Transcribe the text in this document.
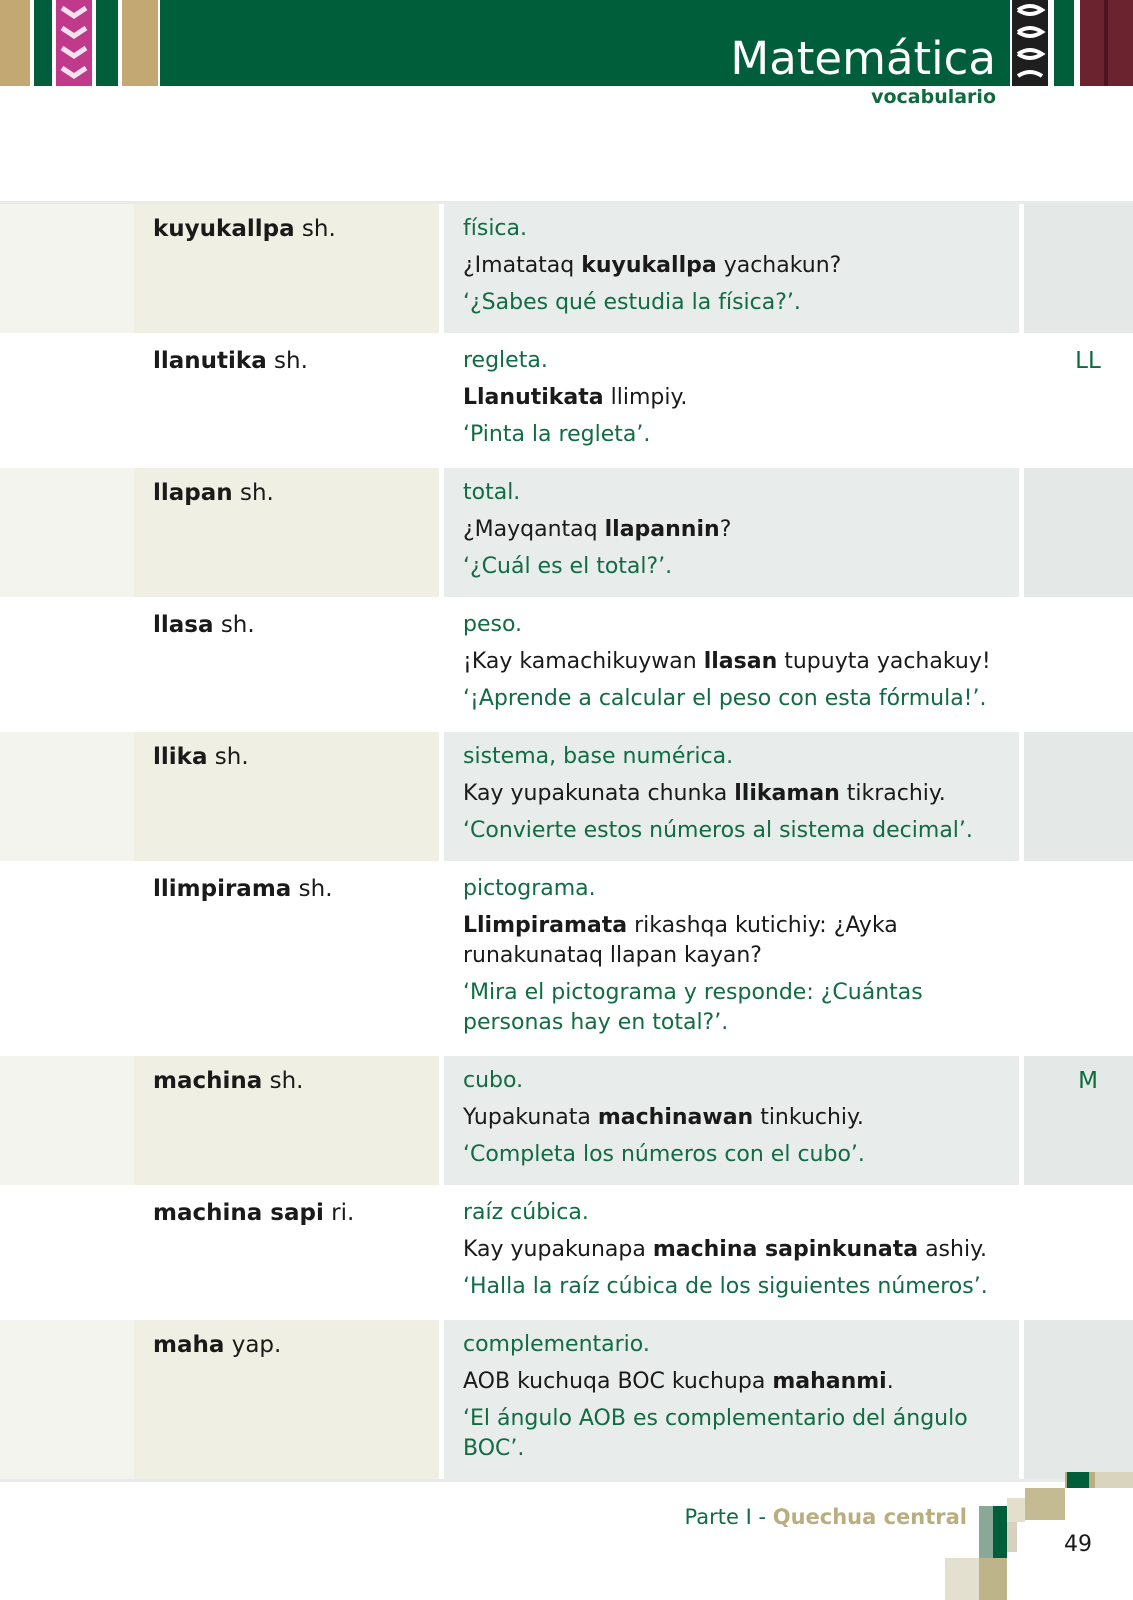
Matemática
vocabulario
kuyukallpa sh.	física.
¿Imatataq kuyukallpa yachakun?
‘¿Sabes qué estudia la física?’.
llanutika sh.	regleta.
Llanutikata llimpiy.
‘Pinta la regleta’.
LL
llapan sh.	total.
¿Mayqantaq llapannin?
‘¿Cuál es el total?’.
llasa sh.	peso.
¡Kay kamachikuywan llasan tupuyta yachakuy!
‘¡Aprende a calcular el peso con esta fórmula!’.
llika sh.	sistema, base numérica.
Kay yupakunata chunka llikaman tikrachiy.
‘Convierte estos números al sistema decimal’.
llimpirama sh.	pictograma.
Llimpiramata rikashqa kutichiy: ¿Ayka runakunataq llapan kayan?
‘Mira el pictograma y responde: ¿Cuántas personas hay en total?’.
machina sh.	cubo.
Yupakunata machinawan tinkuchiy.
‘Completa los números con el cubo’.
M
machina sapi ri.	raíz cúbica.
Kay yupakunapa machina sapinkunata ashiy.
‘Halla la raíz cúbica de los siguientes números’.
maha yap.	complementario.
AOB kuchuqa BOC kuchupa mahanmi.
‘El ángulo AOB es complementario del ángulo BOC’.
Parte I - Quechua central
49
